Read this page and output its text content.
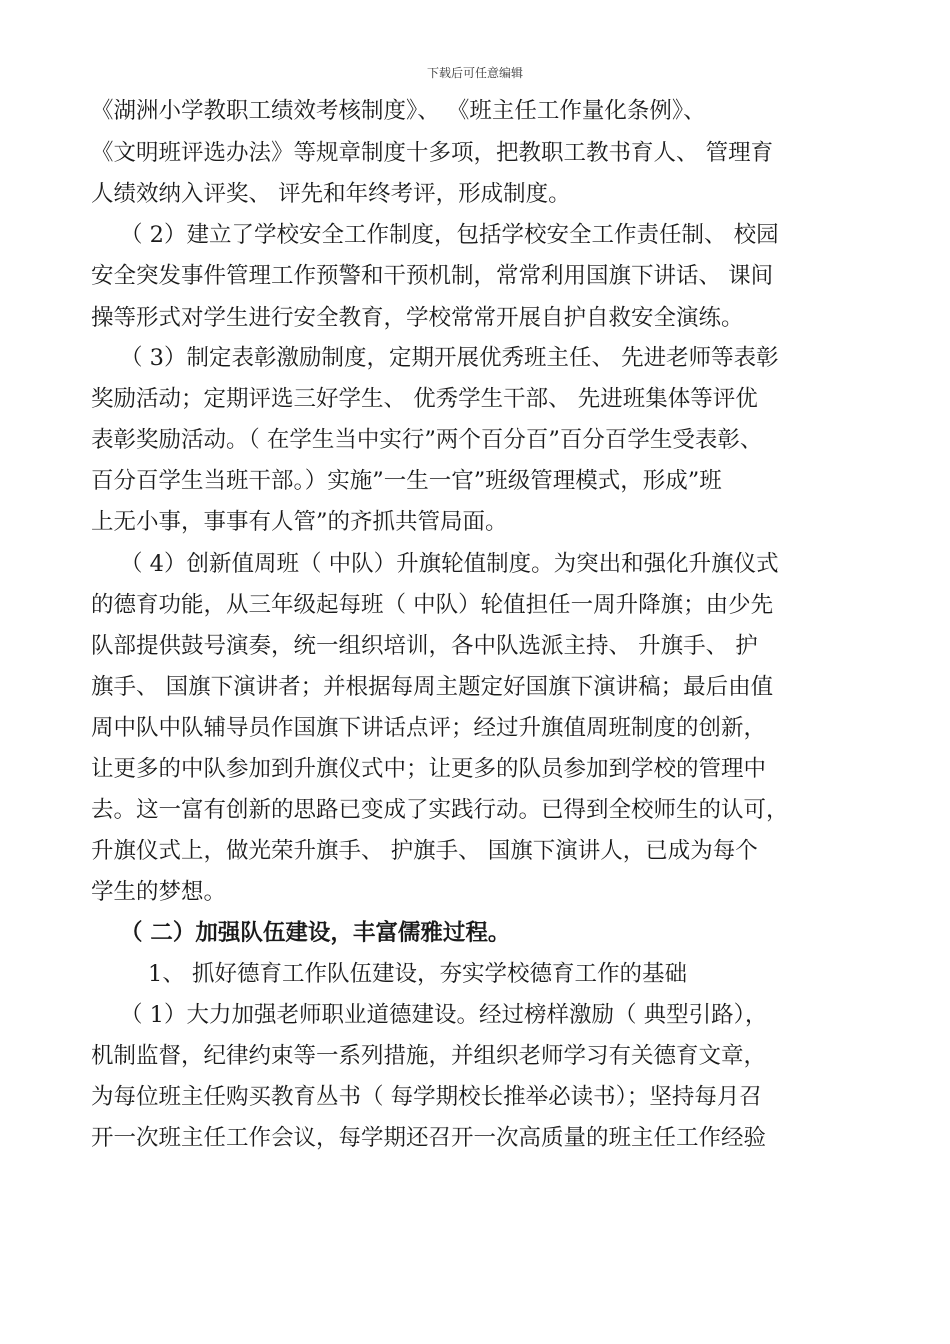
下载后可任意编辑
《湖洲小学教职工绩效考核制度》、 《班主任工作量化条例》、
《文明班评选办法》等规章制度十多项，把教职工教书育人、 管理育
人绩效纳入评奖、 评先和年终考评，形成制度。
（ 2）建立了学校安全工作制度，包括学校安全工作责任制、 校园
安全突发事件管理工作预警和干预机制，常常利用国旗下讲话、 课间
操等形式对学生进行安全教育，学校常常开展自护自救安全演练。
（ 3）制定表彰激励制度，定期开展优秀班主任、 先进老师等表彰
奖励活动；定期评选三好学生、 优秀学生干部、 先进班集体等评优
表彰奖励活动。（ 在学生当中实行”两个百分百”百分百学生受表彰、
百分百学生当班干部。）实施”一生一官”班级管理模式，形成”班
上无小事，事事有人管”的齐抓共管局面。
（ 4）创新值周班（ 中队）升旗轮值制度。为突出和强化升旗仪式
的德育功能，从三年级起每班（ 中队）轮值担任一周升降旗；由少先
队部提供鼓号演奏，统一组织培训，各中队选派主持、 升旗手、 护
旗手、 国旗下演讲者；并根据每周主题定好国旗下演讲稿；最后由值
周中队中队辅导员作国旗下讲话点评；经过升旗值周班制度的创新，
让更多的中队参加到升旗仪式中；让更多的队员参加到学校的管理中
去。这一富有创新的思路已变成了实践行动。已得到全校师生的认可，
升旗仪式上，做光荣升旗手、 护旗手、 国旗下演讲人，已成为每个
学生的梦想。
（ 二）加强队伍建设，丰富儒雅过程。
1、 抓好德育工作队伍建设，夯实学校德育工作的基础
（ 1）大力加强老师职业道德建设。经过榜样激励（ 典型引路），
机制监督，纪律约束等一系列措施，并组织老师学习有关德育文章，
为每位班主任购买教育丛书（ 每学期校长推举必读书）；坚持每月召
开一次班主任工作会议，每学期还召开一次高质量的班主任工作经验
